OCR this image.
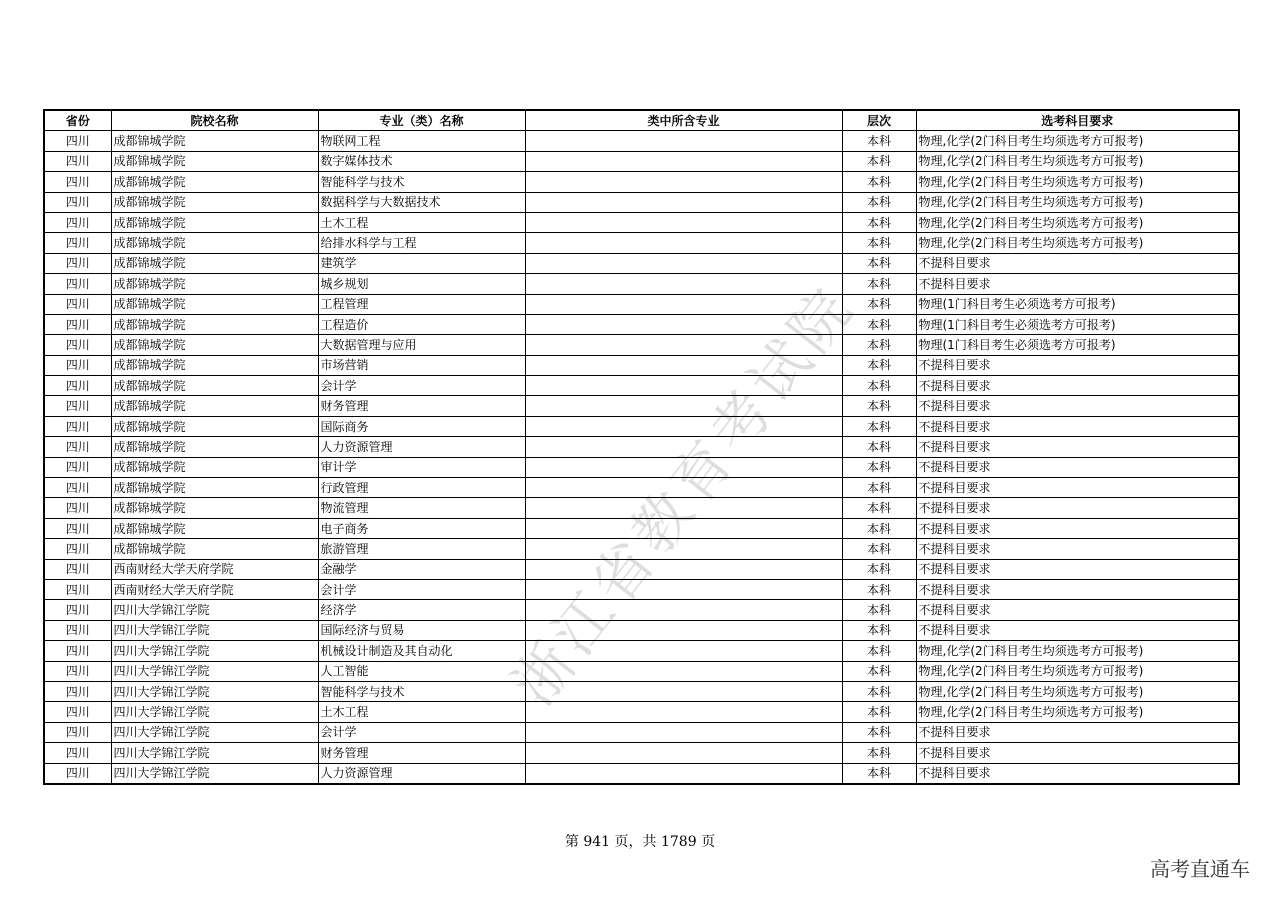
省份	院校名称	专业（类）名称	类中所含专业	层次	选考科目要求
四川	成都锦城学院	物联网工程		本科	物理,化学(2门科目考生均须选考方可报考)
四川	成都锦城学院	数字媒体技术		本科	物理,化学(2门科目考生均须选考方可报考)
四川	成都锦城学院	智能科学与技术		本科	物理,化学(2门科目考生均须选考方可报考)
四川	成都锦城学院	数据科学与大数据技术		本科	物理,化学(2门科目考生均须选考方可报考)
四川	成都锦城学院	土木工程		本科	物理,化学(2门科目考生均须选考方可报考)
四川	成都锦城学院	给排水科学与工程		本科	物理,化学(2门科目考生均须选考方可报考)
四川	成都锦城学院	建筑学		本科	不提科目要求
四川	成都锦城学院	城乡规划		本科	不提科目要求
四川	成都锦城学院	工程管理		本科	物理(1门科目考生必须选考方可报考)
四川	成都锦城学院	工程造价		本科	物理(1门科目考生必须选考方可报考)
四川	成都锦城学院	大数据管理与应用		本科	物理(1门科目考生必须选考方可报考)
四川	成都锦城学院	市场营销		本科	不提科目要求
四川	成都锦城学院	会计学		本科	不提科目要求
四川	成都锦城学院	财务管理		本科	不提科目要求
四川	成都锦城学院	国际商务		本科	不提科目要求
四川	成都锦城学院	人力资源管理		本科	不提科目要求
四川	成都锦城学院	审计学		本科	不提科目要求
四川	成都锦城学院	行政管理		本科	不提科目要求
四川	成都锦城学院	物流管理		本科	不提科目要求
四川	成都锦城学院	电子商务		本科	不提科目要求
四川	成都锦城学院	旅游管理		本科	不提科目要求
四川	西南财经大学天府学院	金融学		本科	不提科目要求
四川	西南财经大学天府学院	会计学		本科	不提科目要求
四川	四川大学锦江学院	经济学		本科	不提科目要求
四川	四川大学锦江学院	国际经济与贸易		本科	不提科目要求
四川	四川大学锦江学院	机械设计制造及其自动化		本科	物理,化学(2门科目考生均须选考方可报考)
四川	四川大学锦江学院	人工智能		本科	物理,化学(2门科目考生均须选考方可报考)
四川	四川大学锦江学院	智能科学与技术		本科	物理,化学(2门科目考生均须选考方可报考)
四川	四川大学锦江学院	土木工程		本科	物理,化学(2门科目考生均须选考方可报考)
四川	四川大学锦江学院	会计学		本科	不提科目要求
四川	四川大学锦江学院	财务管理		本科	不提科目要求
四川	四川大学锦江学院	人力资源管理		本科	不提科目要求
浙江省教育考试院
第 941 页，共 1789 页
高考直通车
